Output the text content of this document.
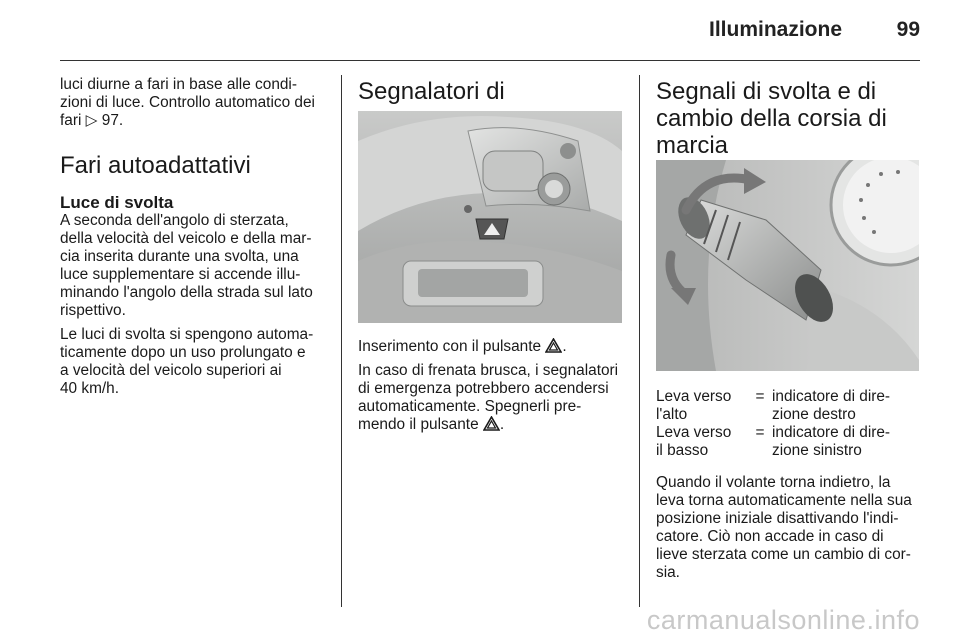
Illuminazione	99

luci diurne a fari in base alle condi-
zioni di luce. Controllo automatico dei
fari ▷ 97.

Fari autoadattativi
Luce di svolta

A seconda dell'angolo di sterzata,
della velocità del veicolo e della mar-
cia inserita durante una svolta, una
luce supplementare si accende illu-
minando l'angolo della strada sul lato
rispettivo.

Le luci di svolta si spengono automa-
ticamente dopo un uso prolungato e
a velocità del veicolo superiori ai
40 km/h.

Segnalatori di

Inserimento con il pulsante .

In caso di frenata brusca, i segnalatori
di emergenza potrebbero accendersi
automaticamente. Spegnerli pre-
mendo il pulsante .

Segnali di svolta e di
cambio della corsia di
marcia
Leva verso
l'alto	=	indicatore di dire-
zione destro
Leva verso
il basso	=	indicatore di dire-
zione sinistro

Quando il volante torna indietro, la
leva torna automaticamente nella sua
posizione iniziale disattivando l'indi-
catore. Ciò non accade in caso di
lieve sterzata come un cambio di cor-
sia.

carmanualsonline.info
